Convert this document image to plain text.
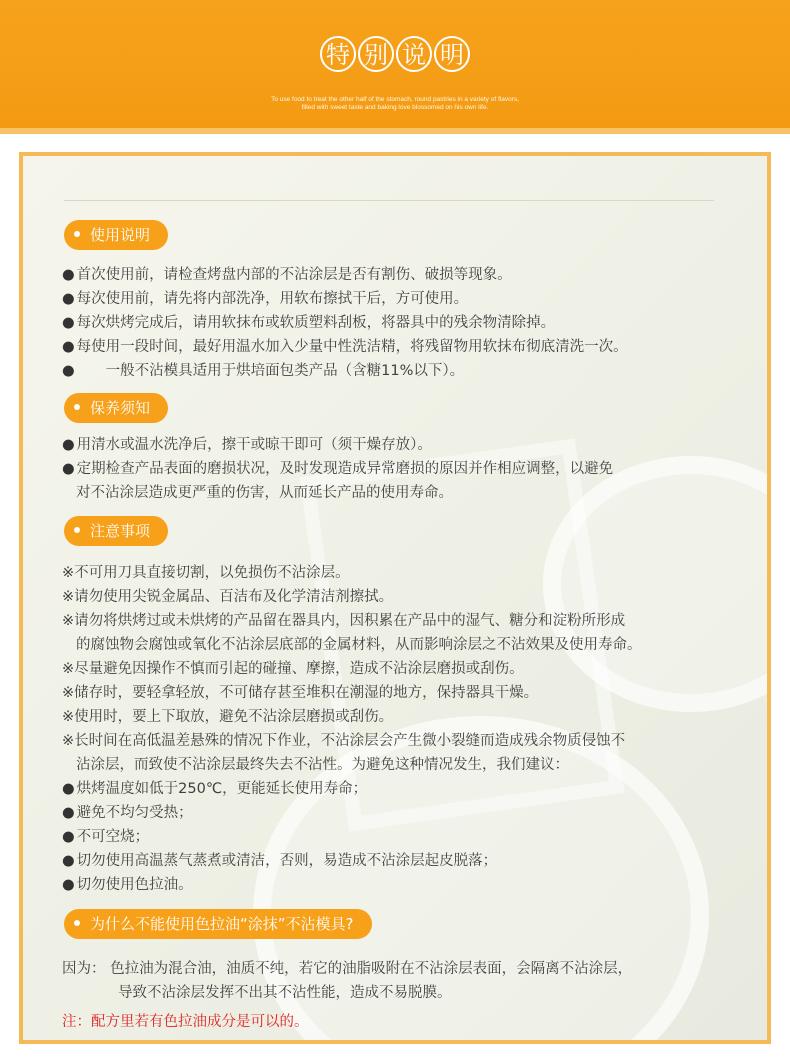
特 别 说 明
To use food to treat the other half of the stomach, round pastries in a variety of flavors,
filled with sweet taste and baking love blossomed on his own life.
使用说明
● 首次使用前，请检查烤盘内部的不沾涂层是否有割伤、破损等现象。
● 每次使用前，请先将内部洗净，用软布擦拭干后，方可使用。
● 每次烘烤完成后，请用软抹布或软质塑料刮板，将器具中的残余物清除掉。
● 每使用一段时间，最好用温水加入少量中性洗洁精，将残留物用软抹布彻底清洗一次。
●　　一般不沾模具适用于烘培面包类产品（含糖11%以下）。
保养须知
● 用清水或温水洗净后，擦干或晾干即可（须干燥存放）。
● 定期检查产品表面的磨损状况，及时发现造成异常磨损的原因并作相应调整，以避免
对不沾涂层造成更严重的伤害，从而延长产品的使用寿命。
注意事项
※不可用刀具直接切割，以免损伤不沾涂层。
※请勿使用尖锐金属品、百洁布及化学清洁剂擦拭。
※请勿将烘烤过或未烘烤的产品留在器具内，因积累在产品中的湿气、糖分和淀粉所形成
的腐蚀物会腐蚀或氧化不沾涂层底部的金属材料，从而影响涂层之不沾效果及使用寿命。
※尽量避免因操作不慎而引起的碰撞、摩擦，造成不沾涂层磨损或刮伤。
※储存时，要轻拿轻放，不可储存甚至堆积在潮湿的地方，保持器具干燥。
※使用时，要上下取放，避免不沾涂层磨损或刮伤。
※长时间在高低温差悬殊的情况下作业，不沾涂层会产生微小裂缝而造成残余物质侵蚀不
沾涂层，而致使不沾涂层最终失去不沾性。为避免这种情况发生，我们建议：
● 烘烤温度如低于250℃，更能延长使用寿命；
● 避免不均匀受热；
● 不可空烧；
● 切勿使用高温蒸气蒸煮或清洁，否则，易造成不沾涂层起皮脱落；
● 切勿使用色拉油。
为什么不能使用色拉油“涂抹”不沾模具?
因为： 色拉油为混合油，油质不纯，若它的油脂吸附在不沾涂层表面，会隔离不沾涂层，
导致不沾涂层发挥不出其不沾性能，造成不易脱膜。
注：配方里若有色拉油成分是可以的。
